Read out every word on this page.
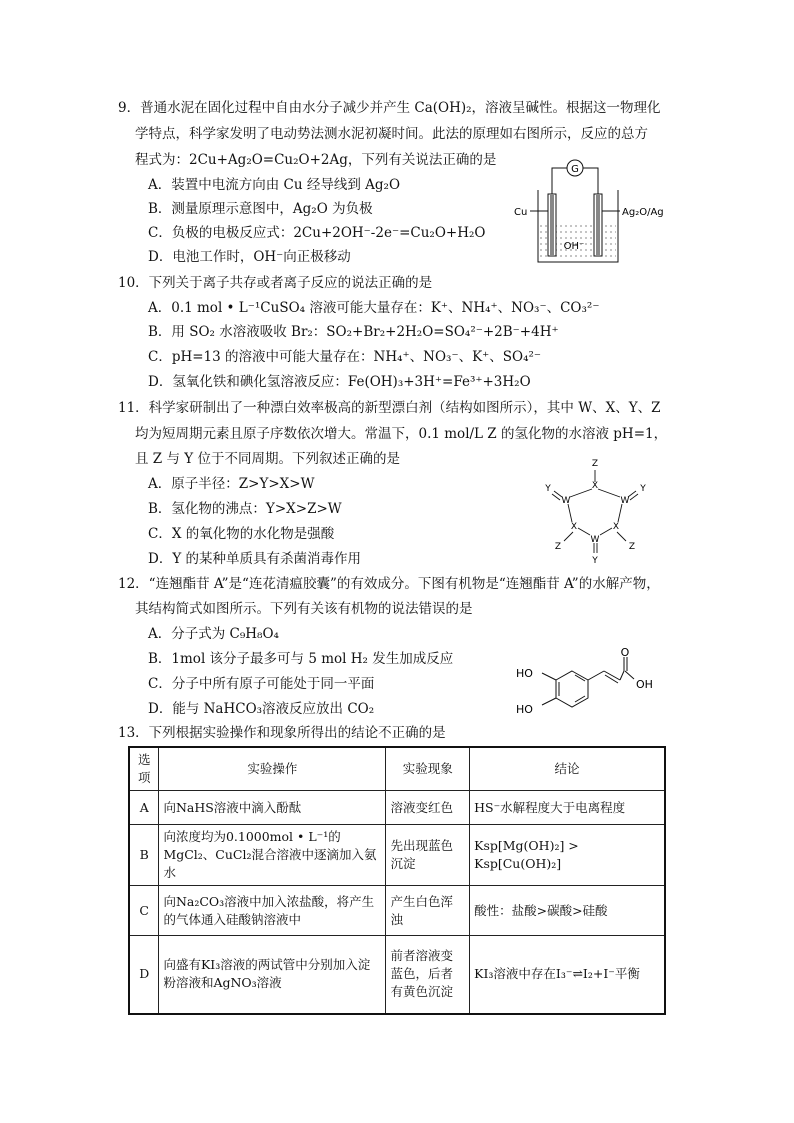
9．普通水泥在固化过程中自由水分子减少并产生 Ca(OH)₂，溶液呈碱性。根据这一物理化
学特点，科学家发明了电动势法测水泥初凝时间。此法的原理如右图所示，反应的总方
程式为：2Cu+Ag₂O=Cu₂O+2Ag，下列有关说法正确的是
A．装置中电流方向由 Cu 经导线到 Ag₂O
B．测量原理示意图中，Ag₂O 为负极
C．负极的电极反应式：2Cu+2OH⁻-2e⁻=Cu₂O+H₂O
D．电池工作时，OH⁻向正极移动
G
OH⁻
Cu	Ag₂O/Ag
10．下列关于离子共存或者离子反应的说法正确的是
A．0.1 mol • L⁻¹CuSO₄ 溶液可能大量存在：K⁺、NH₄⁺、NO₃⁻、CO₃²⁻
B．用 SO₂ 水溶液吸收 Br₂：SO₂+Br₂+2H₂O=SO₄²⁻+2B⁻+4H⁺
C．pH=13 的溶液中可能大量存在：NH₄⁺、NO₃⁻、K⁺、SO₄²⁻
D．氢氧化铁和碘化氢溶液反应：Fe(OH)₃+3H⁺=Fe³⁺+3H₂O
11．科学家研制出了一种漂白效率极高的新型漂白剂（结构如图所示），其中 W、X、Y、Z
均为短周期元素且原子序数依次增大。常温下，0.1 mol/L Z 的氢化物的水溶液 pH=1，
且 Z 与 Y 位于不同周期。下列叙述正确的是
A．原子半径：Z>Y>X>W
B．氢化物的沸点：Y>X>Z>W
C．X 的氧化物的水化物是强酸
D．Y 的某种单质具有杀菌消毒作用
Z
X
W	W
Y	Y
X	X
W
Y
Z	Z
12．“连翘酯苷 A”是“连花清瘟胶囊”的有效成分。下图有机物是“连翘酯苷 A”的水解产物，
其结构简式如图所示。下列有关该有机物的说法错误的是
A．分子式为 C₉H₈O₄
B．1mol 该分子最多可与 5 mol H₂ 发生加成反应
C．分子中所有原子可能处于同一平面
D．能与 NaHCO₃溶液反应放出 CO₂
O
OH
HO
HO
13．下列根据实验操作和现象所得出的结论不正确的是
选项	实验操作	实验现象	结论
A	向NaHS溶液中滴入酚酞	溶液变红色	HS⁻水解程度大于电离程度
B	向浓度均为0.1000mol • L⁻¹的MgCl₂、CuCl₂混合溶液中逐滴加入氨水	先出现蓝色沉淀	Ksp[Mg(OH)₂] > Ksp[Cu(OH)₂]
C	向Na₂CO₃溶液中加入浓盐酸，将产生的气体通入硅酸钠溶液中	产生白色浑浊	酸性：盐酸>碳酸>硅酸
D	向盛有KI₃溶液的两试管中分别加入淀粉溶液和AgNO₃溶液	前者溶液变蓝色，后者有黄色沉淀	KI₃溶液中存在I₃⁻⇌I₂+I⁻平衡
